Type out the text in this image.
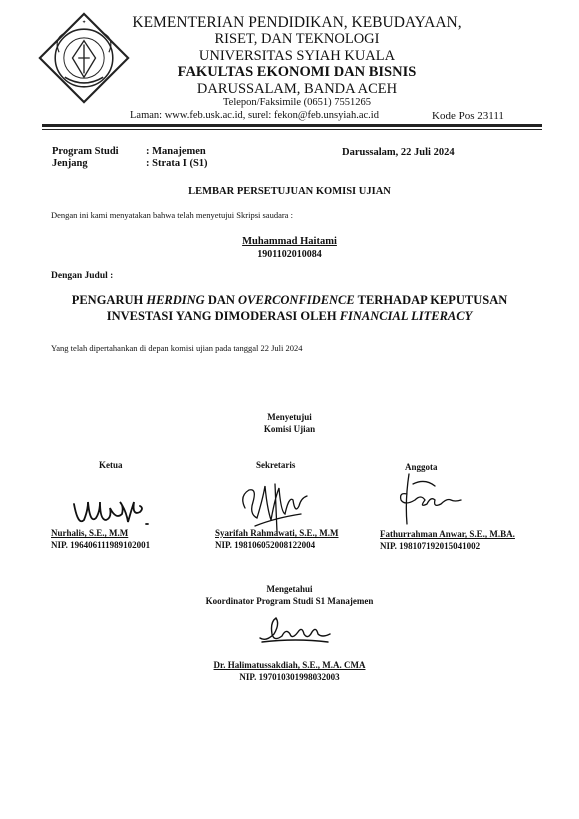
✦	KEMENTERIAN PENDIDIKAN, KEBUDAYAAN,
RISET, DAN TEKNOLOGI
UNIVERSITAS SYIAH KUALA
FAKULTAS EKONOMI DAN BISNIS
DARUSSALAM, BANDA ACEH
Telepon/Faksimile (0651) 7551265
Laman: www.feb.usk.ac.id, surel: fekon@feb.unsyiah.ac.id	Kode Pos 23111
Program Studi	: Manajemen
Jenjang	: Strata I (S1)
Darussalam, 22 Juli 2024
LEMBAR PERSETUJUAN KOMISI UJIAN
Dengan ini kami menyatakan bahwa telah menyetujui Skripsi saudara :
Muhammad Haitami
1901102010084
Dengan Judul :
PENGARUH HERDING DAN OVERCONFIDENCE TERHADAP KEPUTUSAN
INVESTASI YANG DIMODERASI OLEH FINANCIAL LITERACY
Yang telah dipertahankan di depan komisi ujian pada tanggal 22 Juli 2024
Menyetujui
Komisi Ujian
Ketua	Sekretaris	Anggota
Nurhalis, S.E., M.M
NIP. 196406111989102001
Syarifah Rahmawati, S.E., M.M
NIP. 198106052008122004
Fathurrahman Anwar, S.E., M.BA.
NIP. 198107192015041002
Mengetahui
Koordinator Program Studi S1 Manajemen
Dr. Halimatussakdiah, S.E., M.A. CMA
NIP. 197010301998032003
